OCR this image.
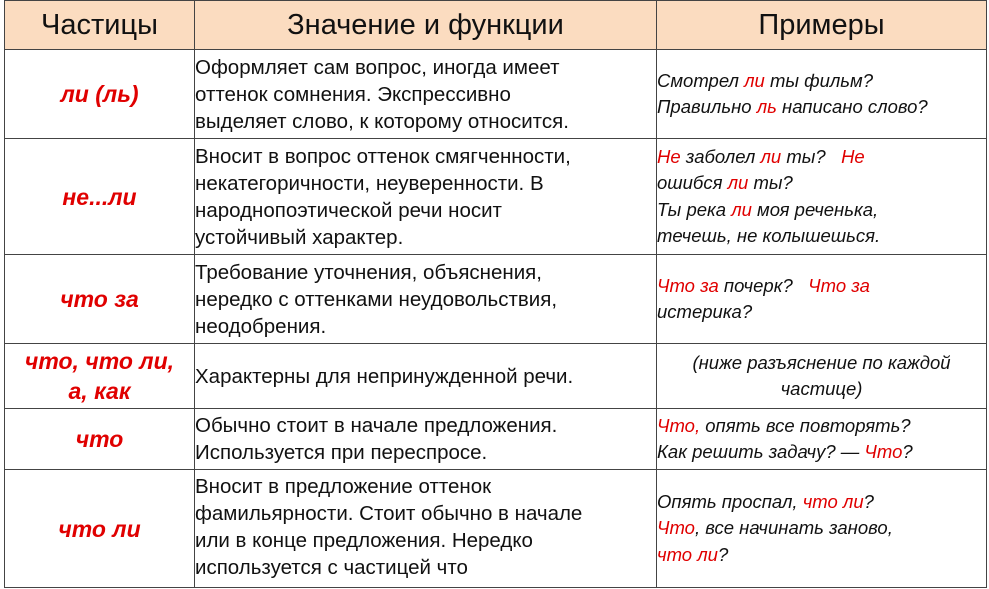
Частицы	Значение и функции	Примеры
ли (ль)	Оформляет сам вопрос, иногда имеет
оттенок сомнения. Экспрессивно
выделяет слово, к которому относится.	Смотрел ли ты фильм?
Правильно ль написано слово?

не...ли	Вносит в вопрос оттенок смягченности,
некатегоричности, неуверенности. В
народнопоэтической речи носит
устойчивый характер.	Не заболел ли ты?   Не
ошибся ли ты?
Ты река ли моя реченька,
течешь, не колышешься.

что за	Требование уточнения, объяснения,
нередко с оттенками неудовольствия,
неодобрения.	Что за почерк?   Что за
истерика?

что, что ли,
а, как	Характерны для непринужденной речи.	(ниже разъяснение по каждой
частице)

что	Обычно стоит в начале предложения.
Используется при переспросе.	Что, опять все повторять?
Как решить задачу? — Что?

что ли	Вносит в предложение оттенок
фамильярности. Стоит обычно в начале
или в конце предложения. Нередко
используется с частицей что	Опять проспал, что ли?
Что, все начинать заново,
что ли?
